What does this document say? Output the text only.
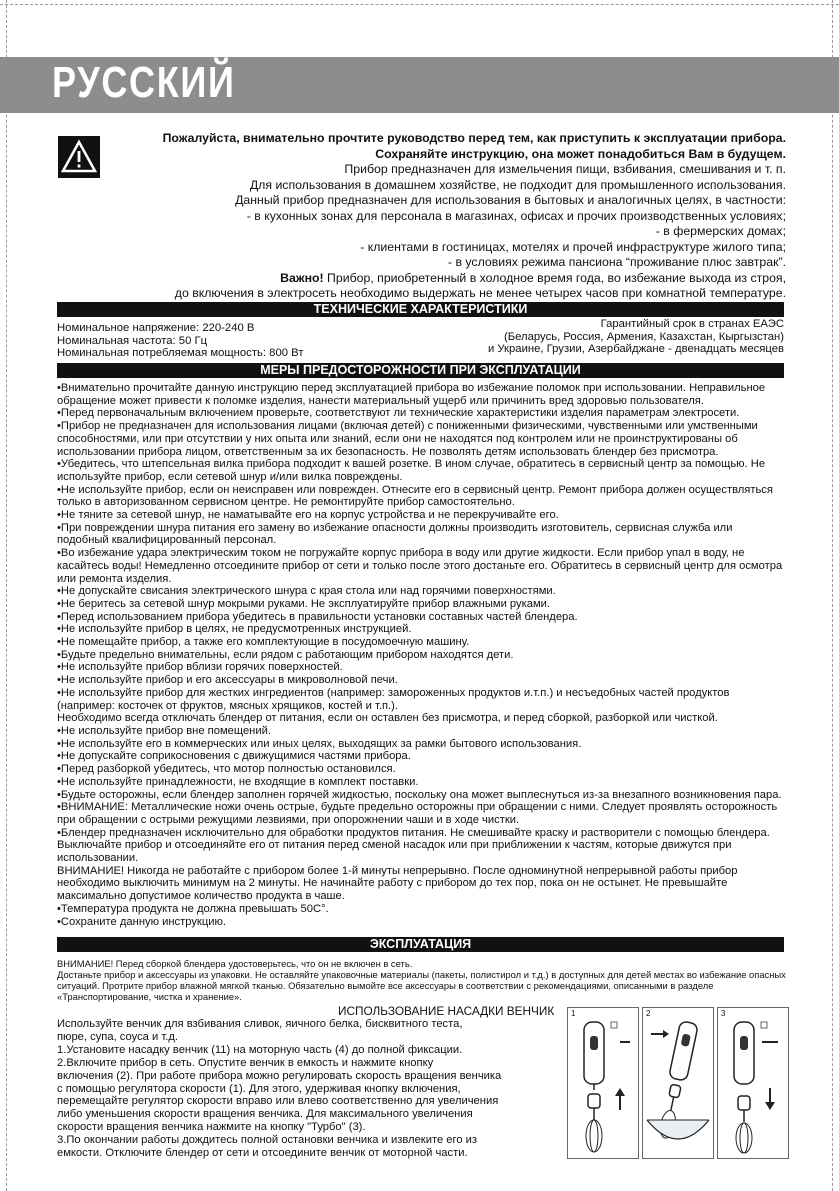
РУССКИЙ
Пожалуйста, внимательно прочтите руководство перед тем, как приступить к эксплуатации прибора.
Сохраняйте инструкцию, она может понадобиться Вам в будущем.
Прибор предназначен для измельчения пищи, взбивания, смешивания и т. п.
Для использования в домашнем хозяйстве, не подходит для промышленного использования.
Данный прибор предназначен для использования в бытовых и аналогичных целях, в частности:
- в кухонных зонах для персонала в магазинах, офисах и прочих производственных условиях;
- в фермерских домах;
- клиентами в гостиницах, мотелях и прочей инфраструктуре жилого типа;
- в условиях режима пансиона “проживание плюс завтрак”.
Важно! Прибор, приобретенный в холодное время года, во избежание выхода из строя,
до включения в электросеть необходимо выдержать не менее четырех часов при комнатной температуре.
ТЕХНИЧЕСКИЕ ХАРАКТЕРИСТИКИ
Номинальное напряжение: 220-240 В
Номинальная частота: 50 Гц
Номинальная потребляемая мощность: 800 Вт
Гарантийный срок в странах ЕАЭС
(Беларусь, Россия, Армения, Казахстан, Кыргызстан)
и Украине, Грузии, Азербайджане - двенадцать месяцев
МЕРЫ ПРЕДОСТОРОЖНОСТИ ПРИ ЭКСПЛУАТАЦИИ
•Внимательно прочитайте данную инструкцию перед эксплуатацией прибора во избежание поломок при использовании. Неправильное обращение может привести к поломке изделия, нанести материальный ущерб или причинить вред здоровью пользователя.
•Перед первоначальным включением проверьте, соответствуют ли технические характеристики изделия параметрам электросети.
•Прибор не предназначен для использования лицами (включая детей) с пониженными физическими, чувственными или умственными способностями, или при отсутствии у них опыта или знаний, если они не находятся под контролем или не проинструктированы об использовании прибора лицом, ответственным за их безопасность. Не позволять детям использовать блендер без присмотра.
•Убедитесь, что штепсельная вилка прибора подходит к вашей розетке. В ином случае, обратитесь в сервисный центр за помощью. Не используйте прибор, если сетевой шнур и/или вилка повреждены.
•Не используйте прибор, если он неисправен или поврежден. Отнесите его в сервисный центр. Ремонт прибора должен осуществляться только в авторизованном сервисном центре. Не ремонтируйте прибор самостоятельно.
•Не тяните за сетевой шнур, не наматывайте его на корпус устройства и не перекручивайте его.
•При повреждении шнура питания его замену во избежание опасности должны производить изготовитель, сервисная служба или подобный квалифицированный персонал.
•Во избежание удара электрическим током не погружайте корпус прибора в воду или другие жидкости. Если прибор упал в воду, не касайтесь воды! Немедленно отсоедините прибор от сети и только после этого достаньте его. Обратитесь в сервисный центр для осмотра или ремонта изделия.
•Не допускайте свисания электрического шнура с края стола или над горячими поверхностями.
•Не беритесь за сетевой шнур мокрыми руками. Не эксплуатируйте прибор влажными руками.
•Перед использованием прибора убедитесь в правильности установки составных частей блендера.
•Не используйте прибор в целях, не предусмотренных инструкцией.
•Не помещайте прибор, а также его комплектующие в посудомоечную машину.
•Будьте предельно внимательны, если рядом с работающим прибором находятся дети.
•Не используйте прибор вблизи горячих поверхностей.
•Не используйте прибор и его аксессуары в микроволновой печи.
•Не используйте прибор для жестких ингредиентов (например: замороженных продуктов и.т.п.) и несъедобных частей продуктов (например: косточек от фруктов, мясных хрящиков, костей и т.п.).
Необходимо всегда отключать блендер от питания, если он оставлен без присмотра, и перед сборкой, разборкой или чисткой.
•Не используйте прибор вне помещений.
•Не используйте его в коммерческих или иных целях, выходящих за рамки бытового использования.
•Не допускайте соприкосновения с движущимися частями прибора.
•Перед разборкой убедитесь, что мотор полностью остановился.
•Не используйте принадлежности, не входящие в комплект поставки.
•Будьте осторожны, если блендер заполнен горячей жидкостью, поскольку она может выплеснуться из-за внезапного возникновения пара.
•ВНИМАНИЕ: Металлические ножи очень острые, будьте предельно осторожны при обращении с ними. Следует проявлять осторожность при обращении с острыми режущими лезвиями, при опорожнении чаши и в ходе чистки.
•Блендер предназначен исключительно для обработки продуктов питания. Не смешивайте краску и растворители с помощью блендера. Выключайте прибор и отсоединяйте его от питания перед сменой насадок или при приближении к частям, которые движутся при использовании.
ВНИМАНИЕ! Никогда не работайте с прибором более 1-й минуты непрерывно. После одноминутной непрерывной работы прибор необходимо выключить минимум на 2 минуты. Не начинайте работу с прибором до тех пор, пока он не остынет. Не превышайте максимально допустимое количество продукта в чаше.
•Температура продукта не должна превышать 50С°.
•Сохраните данную инструкцию.
ЭКСПЛУАТАЦИЯ
ВНИМАНИЕ! Перед сборкой блендера удостоверьтесь, что он не включен в сеть.
Достаньте прибор и аксессуары из упаковки. Не оставляйте упаковочные материалы (пакеты, полистирол и т.д.) в доступных для детей местах во избежание опасных ситуаций. Протрите прибор влажной мягкой тканью. Обязательно вымойте все аксессуары в соответствии с рекомендациями, описанными в разделе «Транспортирование, чистка и хранение».
ИСПОЛЬЗОВАНИЕ НАСАДКИ ВЕНЧИК
Используйте венчик для взбивания сливок, яичного белка, бисквитного теста,
пюре, супа, соуса и т.д.
1.Установите насадку венчик (11) на моторную часть (4) до полной фиксации.
2.Включите прибор в сеть. Опустите венчик в емкость и нажмите кнопку
включения (2). При работе прибора можно регулировать скорость вращения венчика
с помощью регулятора скорости (1). Для этого, удерживая кнопку включения,
перемещайте регулятор скорости вправо или влево соответственно для увеличения
либо уменьшения скорости вращения венчика. Для максимального увеличения
скорости вращения венчика нажмите на кнопку "Турбо" (3).
3.По окончании работы дождитесь полной остановки венчика и извлеките его из
емкости. Отключите блендер от сети и отсоедините венчик от моторной части.
1	2	3
